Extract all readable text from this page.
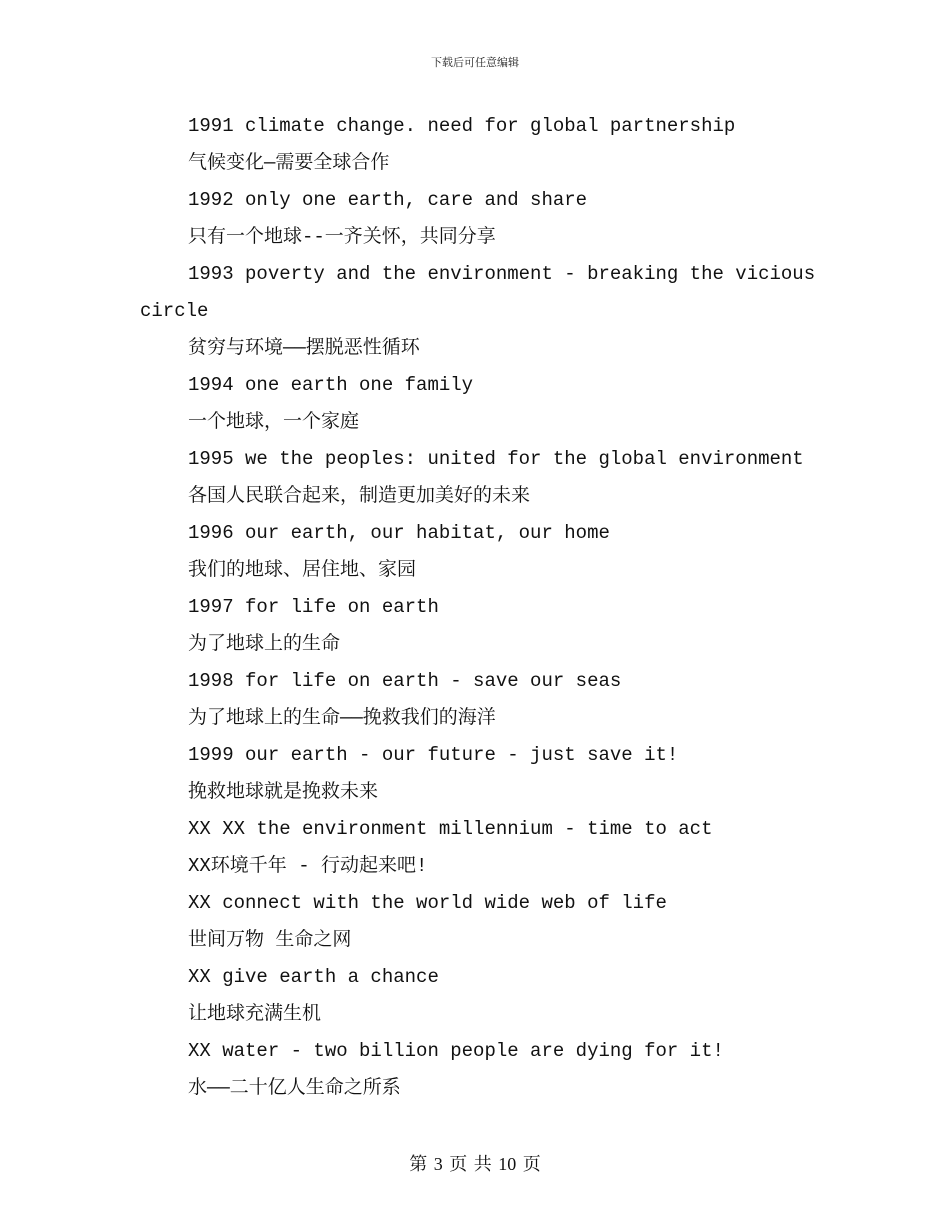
下载后可任意编辑
1991 climate change. need for global partnership
气候变化—需要全球合作
1992 only one earth, care and share
只有一个地球--一齐关怀，共同分享
1993 poverty and the environment - breaking the vicious circle
贫穷与环境——摆脱恶性循环
1994 one earth one family
一个地球，一个家庭
1995 we the peoples: united for the global environment
各国人民联合起来，制造更加美好的未来
1996 our earth, our habitat, our home
我们的地球、居住地、家园
1997 for life on earth
为了地球上的生命
1998 for life on earth - save our seas
为了地球上的生命——挽救我们的海洋
1999 our earth - our future - just save it!
挽救地球就是挽救未来
XX XX the environment millennium - time to act
XX环境千年 - 行动起来吧!
XX connect with the world wide web of life
世间万物 生命之网
XX give earth a chance
让地球充满生机
XX water - two billion people are dying for it!
水——二十亿人生命之所系
第 3 页 共 10 页
